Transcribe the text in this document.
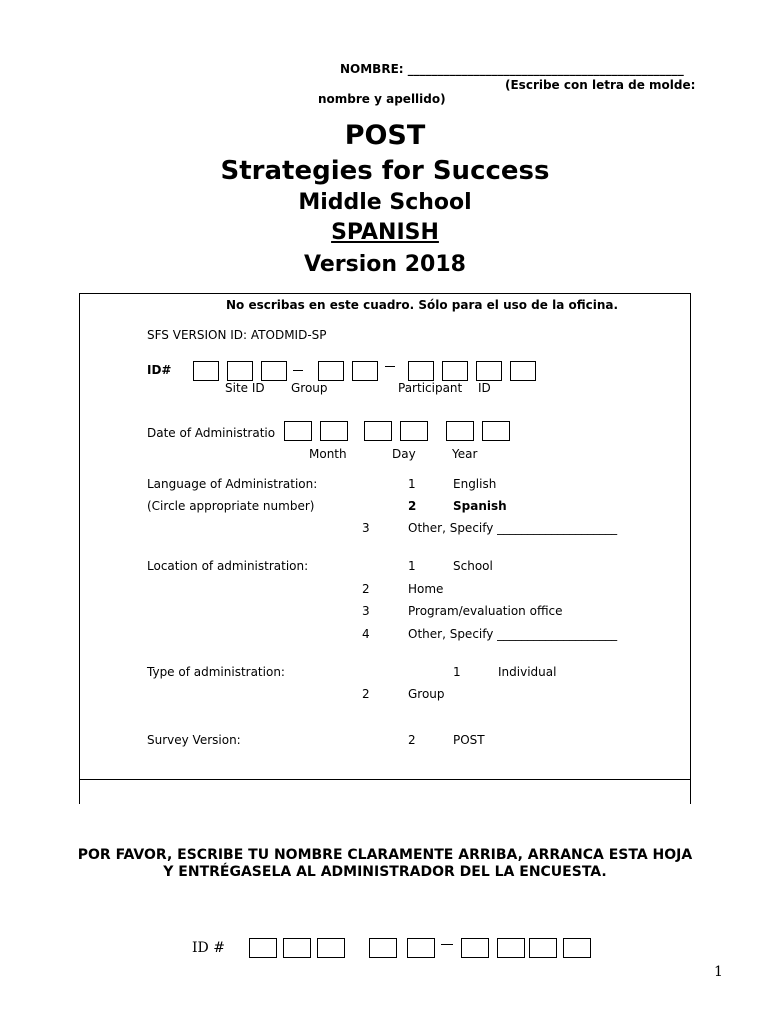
NOMBRE: ______________________________________________
(Escribe con letra de molde:
nombre y apellido)
POST
Strategies for Success
Middle School
SPANISH
Version 2018
No escribas en este cuadro. Sólo para el uso de la oficina.
SFS VERSION ID: ATODMID-SP
ID#
Site ID Group	Participant ID
Date of Administratio
Month	Day	Year
Language of Administration:	1	English
(Circle appropriate number)	2	Spanish
3	Other, Specify ____________________
Location of administration:	1	School
2	Home
3	Program/evaluation office
4	Other, Specify ____________________
Type of administration:	1	Individual
2	Group
Survey Version:	2	POST
POR FAVOR, ESCRIBE TU NOMBRE CLARAMENTE ARRIBA, ARRANCA ESTA HOJA
Y ENTRÉGASELA AL ADMINISTRADOR DEL LA ENCUESTA.
ID #
1
